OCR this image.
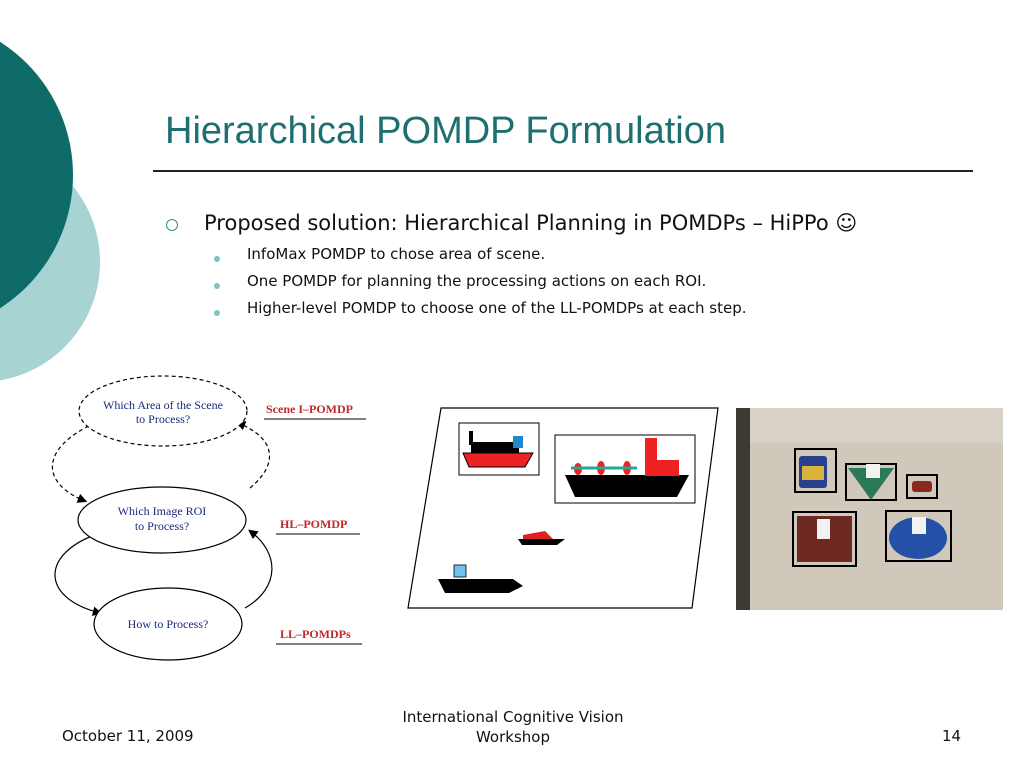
Hierarchical POMDP Formulation
Proposed solution: Hierarchical Planning in POMDPs – HiPPo ☺
InfoMax POMDP to chose area of scene.
One POMDP for planning the processing actions on each ROI.
Higher-level POMDP to choose one of the LL-POMDPs at each step.
Which Area of the Scene
to Process?
Which Image ROI
to Process?
How to Process?
Scene I–POMDP
HL–POMDP
LL–POMDPs
October 11, 2009
International Cognitive Vision
Workshop	14
